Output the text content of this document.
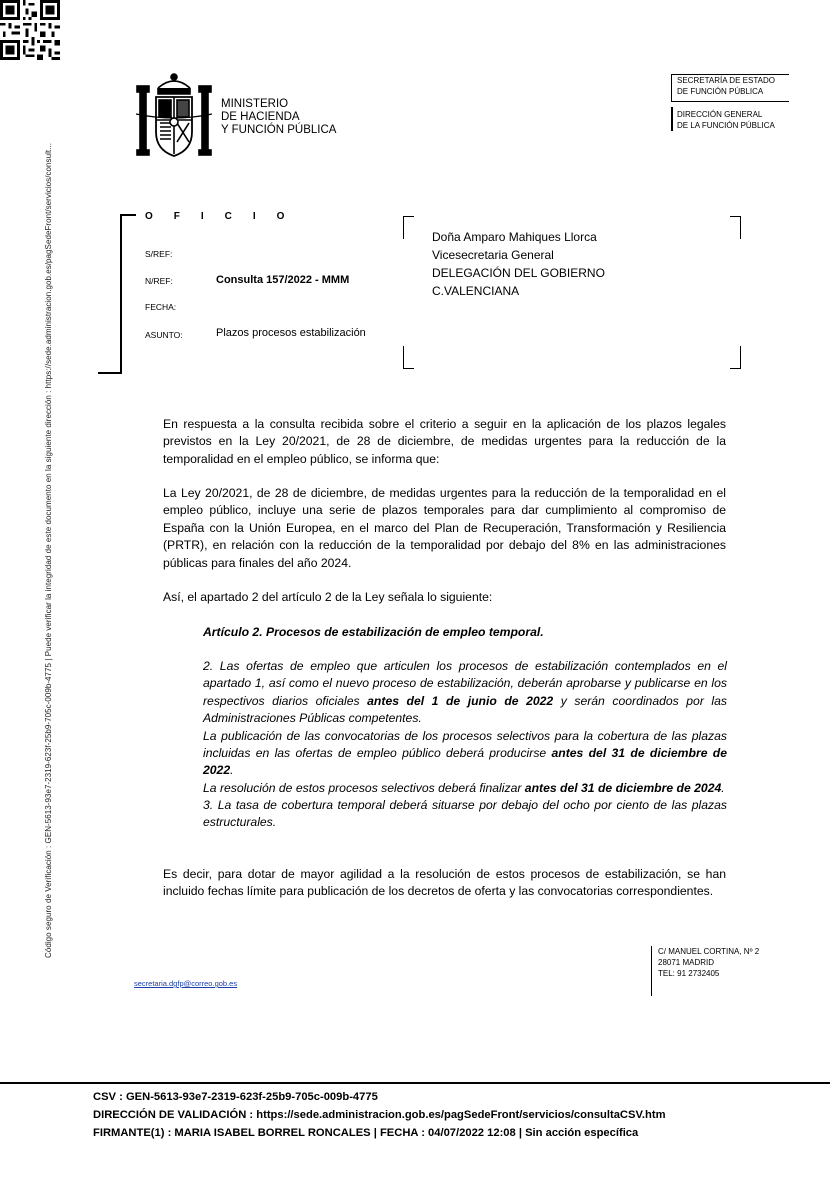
Código seguro de Verificación : GEN-5613-93e7-2319-623f-25b9-705c-009b-4775 | Puede verificar la integridad de este documento en la siguiente dirección : https://sede.administracion.gob.es/pagSedeFront/servicios/consult...
MINISTERIO
DE HACIENDA
Y FUNCIÓN PÚBLICA
SECRETARÍA DE ESTADO
DE FUNCIÓN PÚBLICA
DIRECCIÓN GENERAL
DE LA FUNCIÓN PÚBLICA
OFICIO
S/REF:
N/REF:	Consulta 157/2022 - MMM
FECHA:
ASUNTO:	Plazos procesos estabilización
Doña Amparo Mahiques Llorca
Vicesecretaria General
DELEGACIÓN DEL GOBIERNO
C.VALENCIANA

En respuesta a la consulta recibida sobre el criterio a seguir en la aplicación de los plazos legales previstos en la Ley 20/2021, de 28 de diciembre, de medidas urgentes para la reducción de la temporalidad en el empleo público, se informa que:

La Ley 20/2021, de 28 de diciembre, de medidas urgentes para la reducción de la temporalidad en el empleo público, incluye una serie de plazos temporales para dar cumplimiento al compromiso de España con la Unión Europea, en el marco del Plan de Recuperación, Transformación y Resiliencia (PRTR), en relación con la reducción de la temporalidad por debajo del 8% en las administraciones públicas para finales del año 2024.

Así, el apartado 2 del artículo 2 de la Ley señala lo siguiente:

Artículo 2. Procesos de estabilización de empleo temporal.

2. Las ofertas de empleo que articulen los procesos de estabilización contemplados en el apartado 1, así como el nuevo proceso de estabilización, deberán aprobarse y publicarse en los respectivos diarios oficiales antes del 1 de junio de 2022 y serán coordinados por las Administraciones Públicas competentes.
La publicación de las convocatorias de los procesos selectivos para la cobertura de las plazas incluidas en las ofertas de empleo público deberá producirse antes del 31 de diciembre de 2022.
La resolución de estos procesos selectivos deberá finalizar antes del 31 de diciembre de 2024.

3. La tasa de cobertura temporal deberá situarse por debajo del ocho por ciento de las plazas estructurales.

Es decir, para dotar de mayor agilidad a la resolución de estos procesos de estabilización, se han incluido fechas límite para publicación de los decretos de oferta y las convocatorias correspondientes.

C/ MANUEL CORTINA, Nº 2
28071 MADRID
TEL: 91 2732405
secretaria.dgfp@correo.gob.es
CSV : GEN-5613-93e7-2319-623f-25b9-705c-009b-4775
DIRECCIÓN DE VALIDACIÓN : https://sede.administracion.gob.es/pagSedeFront/servicios/consultaCSV.htm
FIRMANTE(1) : MARIA ISABEL BORREL RONCALES | FECHA : 04/07/2022 12:08 | Sin acción específica
